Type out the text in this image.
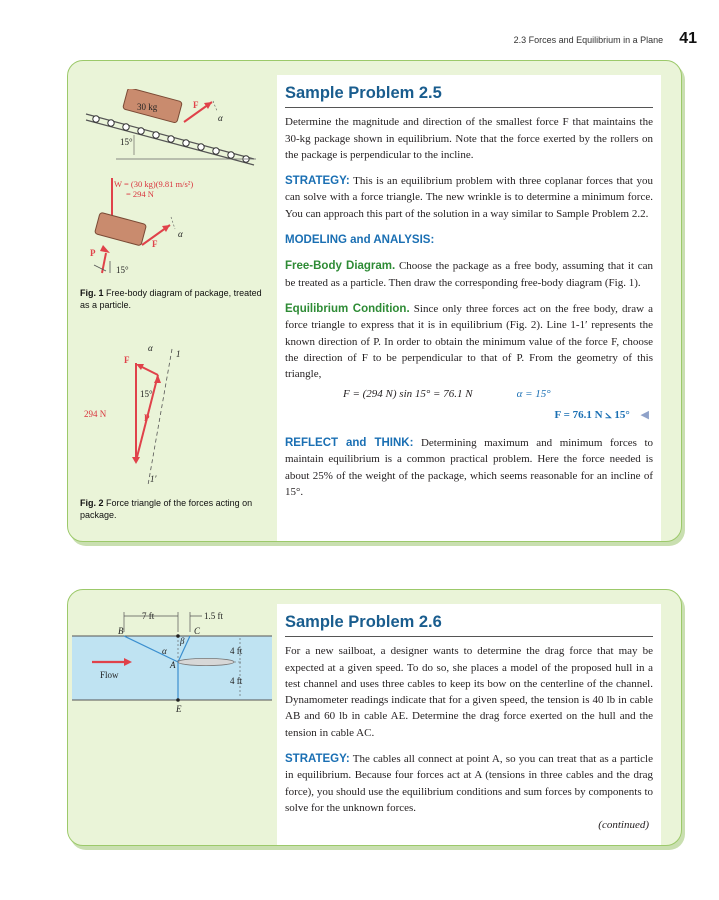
2.3 Forces and Equilibrium in a Plane 41
30 kg	F
α
15°
W = (30 kg)(9.81 m/s²)
= 294 N
P
F
α
15°
Fig. 1 Free-body diagram of package, treated as a particle.
1
1′
α
F
15°
294 N	P
Fig. 2 Force triangle of the forces acting on package.
Sample Problem 2.5

Determine the magnitude and direction of the smallest force F that maintains the 30-kg package shown in equilibrium. Note that the force exerted by the rollers on the package is perpendicular to the incline.

STRATEGY: This is an equilibrium problem with three coplanar forces that you can solve with a force triangle. The new wrinkle is to determine a minimum force. You can approach this part of the solution in a way similar to Sample Problem 2.2.

MODELING and ANALYSIS:

Free-Body Diagram. Choose the package as a free body, assuming that it can be treated as a particle. Then draw the corresponding free-body diagram (Fig. 1).

Equilibrium Condition. Since only three forces act on the free body, draw a force triangle to express that it is in equilibrium (Fig. 2). Line 1-1′ represents the known direction of P. In order to obtain the minimum value of the force F, choose the direction of F to be perpendicular to that of P. From the geometry of this triangle,

F = (294 N) sin 15° = 76.1 N	α = 15°
F = 76.1 N ⦣ 15° ◀

REFLECT and THINK: Determining maximum and minimum forces to maintain equilibrium is a common practical problem. Here the force needed is about 25% of the weight of the package, which seems reasonable for an incline of 15°.

7 ft	1.5 ft
B	C
A
E
α
β
4 ft
4 ft
Flow
Sample Problem 2.6

For a new sailboat, a designer wants to determine the drag force that may be expected at a given speed. To do so, she places a model of the proposed hull in a test channel and uses three cables to keep its bow on the centerline of the channel. Dynamometer readings indicate that for a given speed, the tension is 40 lb in cable AB and 60 lb in cable AE. Determine the drag force exerted on the hull and the tension in cable AC.

STRATEGY: The cables all connect at point A, so you can treat that as a particle in equilibrium. Because four forces act at A (tensions in three cables and the drag force), you should use the equilibrium conditions and sum forces by components to solve for the unknown forces.

(continued)
